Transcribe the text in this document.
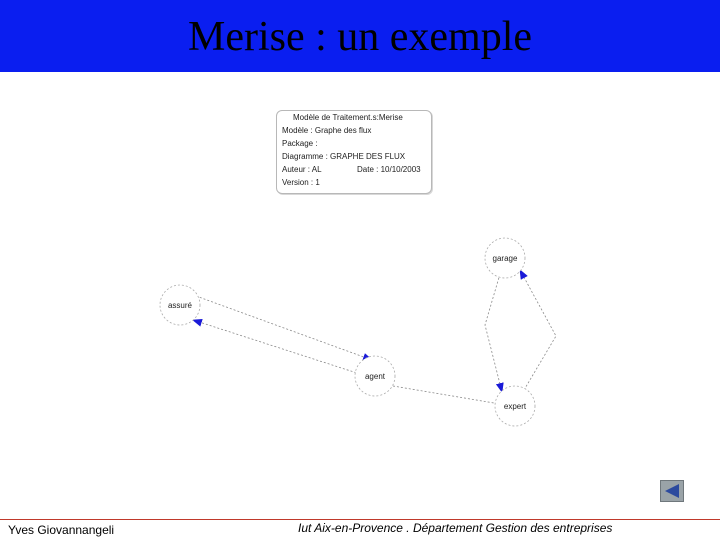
Merise : un exemple
Modèle de Traitement.s:Merise
Modèle : Graphe des flux
Package :
Diagramme : GRAPHE DES FLUX
Auteur : AL	Date : 10/10/2003
Version : 1
garage
assuré
agent
expert
Yves Giovannangeli	Iut Aix-en-Provence . Département Gestion des entreprises
